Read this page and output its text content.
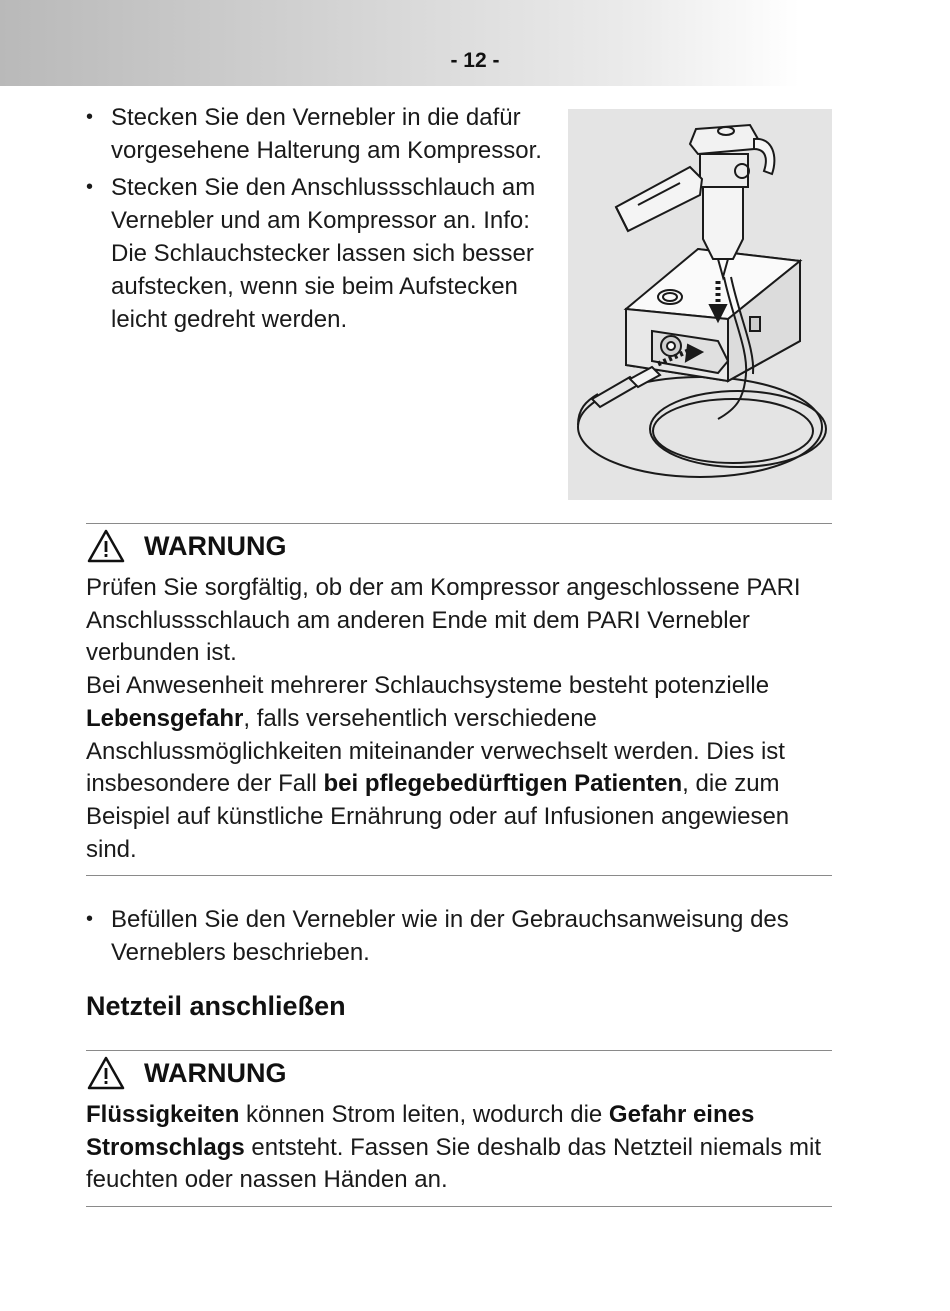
- 12 -
• Stecken Sie den Vernebler in die dafür vorgesehene Halterung am Kompressor.
• Stecken Sie den Anschlussschlauch am Vernebler und am Kompressor an. Info: Die Schlauchstecker lassen sich besser aufstecken, wenn sie beim Aufstecken leicht gedreht werden.
WARNUNG

Prüfen Sie sorgfältig, ob der am Kompressor angeschlossene PARI Anschlussschlauch am anderen Ende mit dem PARI Vernebler verbunden ist.

Bei Anwesenheit mehrerer Schlauchsysteme besteht potenzielle Lebensgefahr, falls versehentlich verschiedene Anschlussmöglichkeiten miteinander verwechselt werden. Dies ist insbesondere der Fall bei pflegebedürftigen Patienten, die zum Beispiel auf künstliche Ernährung oder auf Infusionen angewiesen sind.

• Befüllen Sie den Vernebler wie in der Gebrauchsanweisung des Verneblers beschrieben.
Netzteil anschließen
WARNUNG

Flüssigkeiten können Strom leiten, wodurch die Gefahr eines Stromschlags entsteht. Fassen Sie deshalb das Netzteil niemals mit feuchten oder nassen Händen an.
